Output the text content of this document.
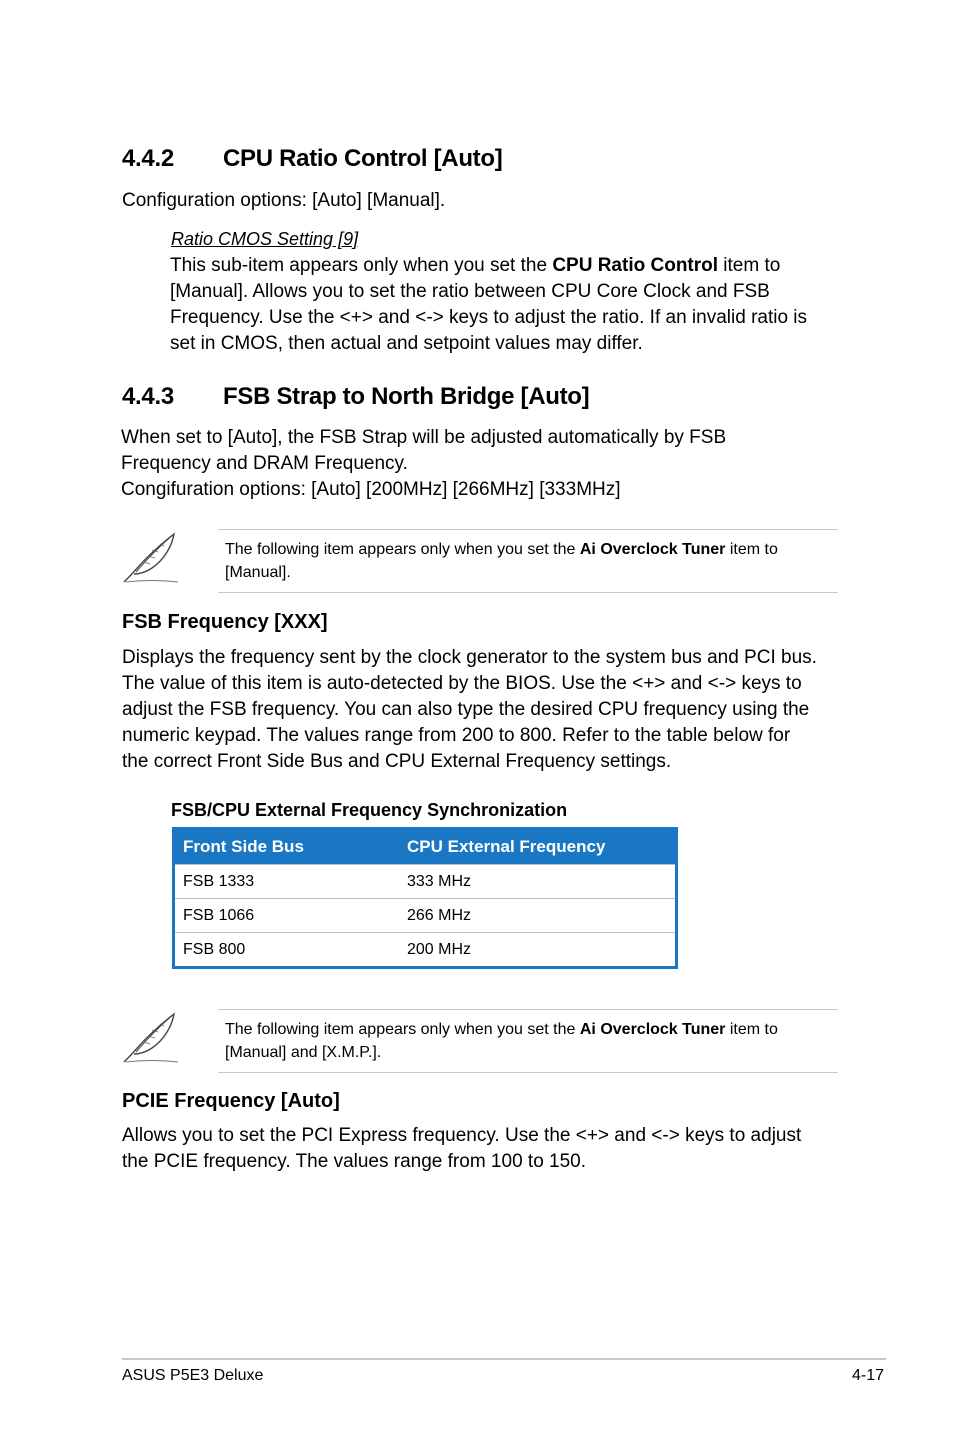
4.4.2 CPU Ratio Control [Auto]
Configuration options: [Auto] [Manual].
Ratio CMOS Setting [9]
This sub-item appears only when you set the CPU Ratio Control item to
[Manual]. Allows you to set the ratio between CPU Core Clock and FSB
Frequency. Use the <+> and <-> keys to adjust the ratio. If an invalid ratio is
set in CMOS, then actual and setpoint values may differ.
4.4.3 FSB Strap to North Bridge [Auto]
When set to [Auto], the FSB Strap will be adjusted automatically by FSB
Frequency and DRAM Frequency.
Congifuration options: [Auto] [200MHz] [266MHz] [333MHz]
The following item appears only when you set the Ai Overclock Tuner item to
[Manual].
FSB Frequency [XXX]
Displays the frequency sent by the clock generator to the system bus and PCI bus.
The value of this item is auto-detected by the BIOS. Use the <+> and <-> keys to
adjust the FSB frequency. You can also type the desired CPU frequency using the
numeric keypad. The values range from 200 to 800. Refer to the table below for
the correct Front Side Bus and CPU External Frequency settings.
FSB/CPU External Frequency Synchronization
Front Side Bus	CPU External Frequency
FSB 1333	333 MHz
FSB 1066	266 MHz
FSB 800	200 MHz
The following item appears only when you set the Ai Overclock Tuner item to
[Manual] and [X.M.P.].
PCIE Frequency [Auto]
Allows you to set the PCI Express frequency. Use the <+> and <-> keys to adjust
the PCIE frequency. The values range from 100 to 150.
ASUS P5E3 Deluxe	4-17
